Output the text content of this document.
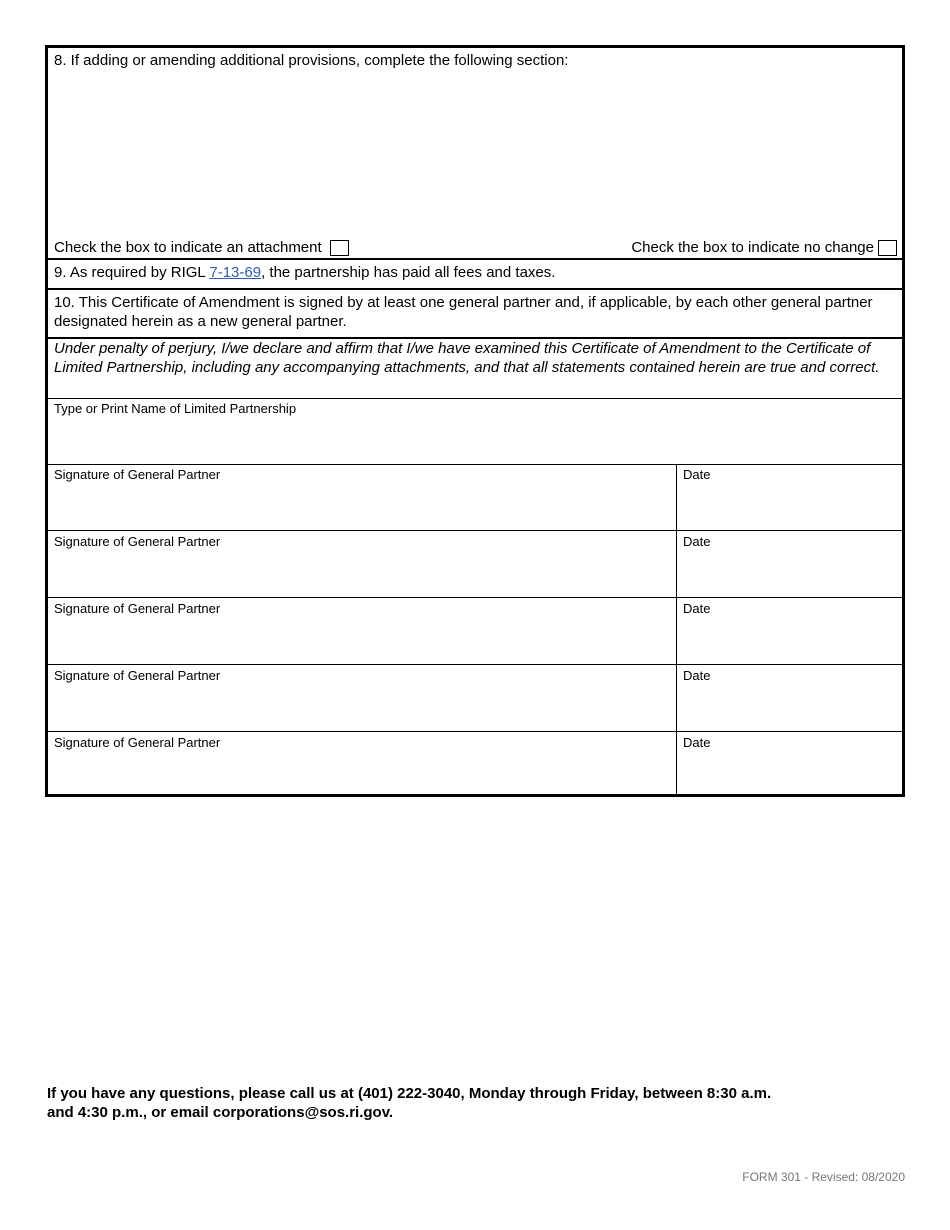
8. If adding or amending additional provisions, complete the following section:
Check the box to indicate an attachment	Check the box to indicate no change
9. As required by RIGL 7-13-69, the partnership has paid all fees and taxes.
10. This Certificate of Amendment is signed by at least one general partner and, if applicable, by each other general partner designated herein as a new general partner.
Under penalty of perjury, I/we declare and affirm that I/we have examined this Certificate of Amendment to the Certificate of Limited Partnership, including any accompanying attachments, and that all statements contained herein are true and correct.
Type or Print Name of Limited Partnership
Signature of General Partner	Date
Signature of General Partner	Date
Signature of General Partner	Date
Signature of General Partner	Date
Signature of General Partner	Date
If you have any questions, please call us at (401) 222-3040, Monday through Friday, between 8:30 a.m.
and 4:30 p.m., or email corporations@sos.ri.gov.
FORM 301 - Revised: 08/2020
